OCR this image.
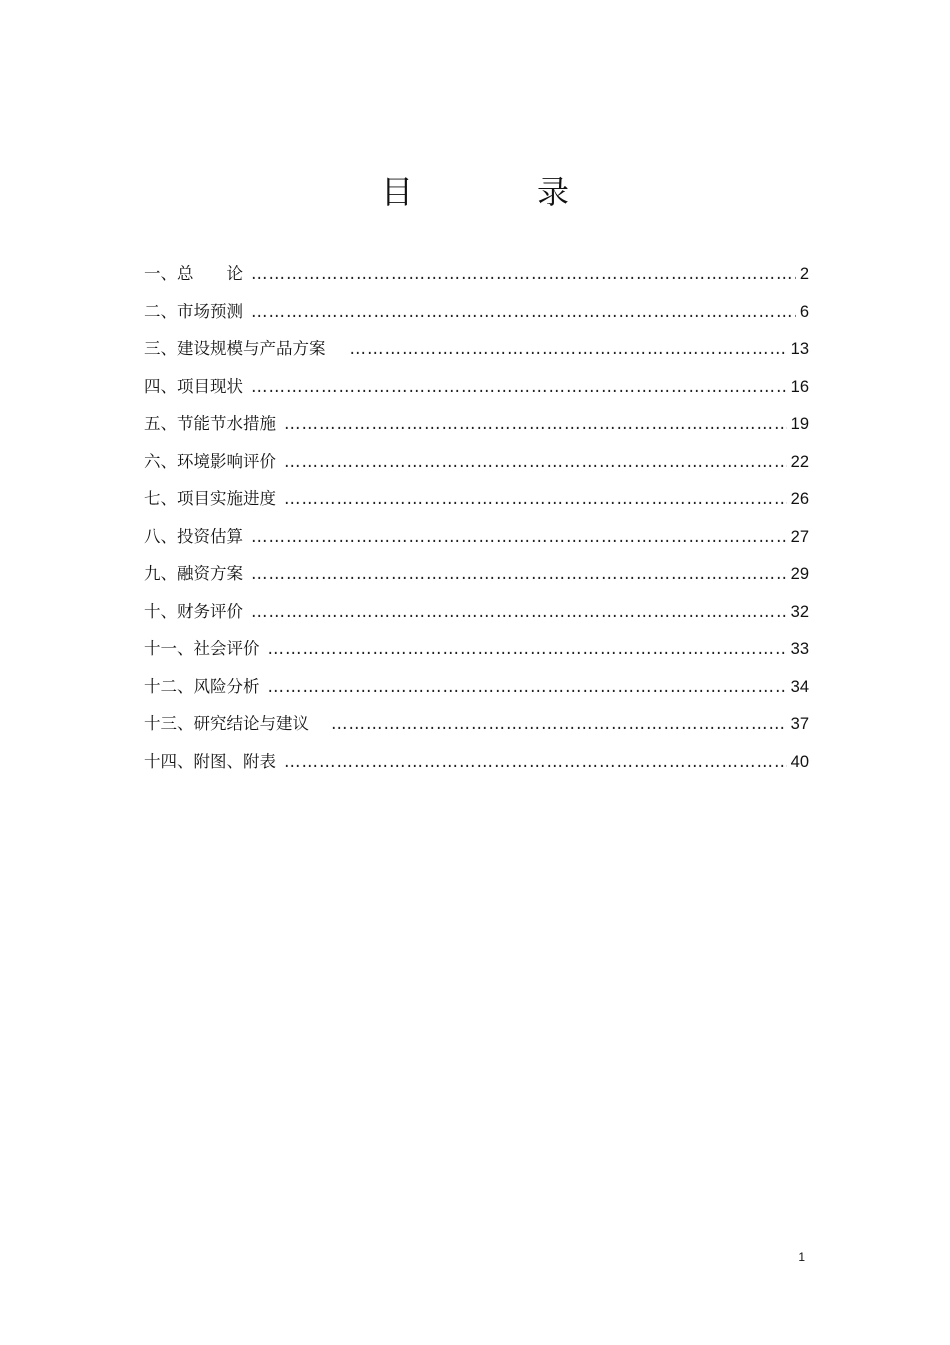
目　录
一、总　　论 ……………………………………………………………………………………………………………………………………………………………………	2
二、市场预测 ……………………………………………………………………………………………………………………………………………………………………	6
三、建设规模与产品方案 ……………………………………………………………………………………………………………………………………………………………………	13
四、项目现状 ……………………………………………………………………………………………………………………………………………………………………	16
五、节能节水措施 ……………………………………………………………………………………………………………………………………………………………………	19
六、环境影响评价 ……………………………………………………………………………………………………………………………………………………………………	22
七、项目实施进度 ……………………………………………………………………………………………………………………………………………………………………	26
八、投资估算 ……………………………………………………………………………………………………………………………………………………………………	27
九、融资方案 ……………………………………………………………………………………………………………………………………………………………………	29
十、财务评价 ……………………………………………………………………………………………………………………………………………………………………	32
十一、社会评价 ……………………………………………………………………………………………………………………………………………………………………	33
十二、风险分析 ……………………………………………………………………………………………………………………………………………………………………	34
十三、研究结论与建议 ……………………………………………………………………………………………………………………………………………………………………	37
十四、附图、附表 ……………………………………………………………………………………………………………………………………………………………………	40
1
